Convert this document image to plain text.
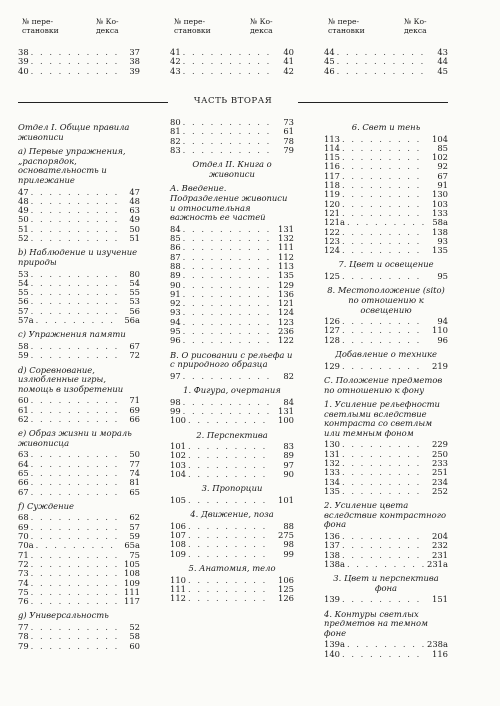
№ пере-
становки
№ Ко-
декса
38 . . .	37
39 . . .	38
40 . . .	39
№ пере-
становки
№ Ко-
декса
41 . . .	40
42 . . .	41
43 . . .	42
№ пере-
становки
№ Ко-
декса
44 . . .	43
45 . . .	44
46 . . .	45
ЧАСТЬ ВТОРАЯ
Отдел I. Общие правила живописи
а) Первые упражнения, „распорядок, основательность и прилежание
47 . . .	47
48 . . .	48
49 . . .	63
50 . . .	49
51 . . .	50
52 . . .	51
b) Наблюдение и изучение природы
53 . . .	80
54 . . .	54
55 . . .	55
56 . . .	53
57 . . .	56
57a . . .	56a
с) Упражнения памяти
58 . . .	67
59 . . .	72
d) Соревнование, излюбленные игры, помощь в изобретении
60 . . .	71
61 . . .	69
62 . . .	66
е) Образ жизни и мораль живописца
63 . . .	50
64 . . .	77
65 . . .	74
66 . . .	81
67 . . .	65
f) Суждение
68 . . .	62
69 . . .	57
70 . . .	59
70a . . .	65a
71 . . .	75
72 . . .	105
73 . . .	108
74 . . .	109
75 . . .	111
76 . . .	117
g) Универсальность
77 . . .	52
78 . . .	58
79 . . .	60
80 . . .	73
81 . . .	61
82 . . .	78
83 . . .	79
Отдел II. Книга о живописи
А. Введение. Подразделение живописи и относительная важность ее частей
84 . . .	131
85 . . .	132
86 . . .	111
87 . . .	112
88 . . .	113
89 . . .	135
90 . . .	129
91 . . .	136
92 . . .	121
93 . . .	124
94 . . .	123
95 . . .	236
96 . . .	122
В. О рисовании с рельефа и с природного образца
97 . . .	82
1. Фигура, очертания
98 . . .	84
99 . . .	131
100 . . .	100
2. Перспектива
101 . . .	83
102 . . .	89
103 . . .	97
104 . . .	90
3. Пропорции
105 . . .	101
4. Движение, поза
106 . . .	88
107 . . .	275
108 . . .	98
109 . . .	99
5. Анатомия, тело
110 . . .	106
111 . . .	125
112 . . .	126
6. Свет и тень
113 . . .	104
114 . . .	85
115 . . .	102
116 . . .	92
117 . . .	67
118 . . .	91
119 . . .	130
120 . . .	103
121 . . .	133
121a . . .	58a
122 . . .	138
123 . . .	93
124 . . .	135
7. Цвет и освещение
125 . . .	95
8. Местоположение (sito) по отношению к освещению
126 . . .	94
127 . . .	110
128 . . .	96
Добавление о технике
129 . . .	219
С. Положение предметов по отношению к фону
1. Усиление рельефности светлыми вследствие контраста со светлым или темным фоном
130 . . .	229
131 . . .	250
132 . . .	233
133 . . .	251
134 . . .	234
135 . . .	252
2. Усиление цвета вследствие контрастного фона
136 . . .	204
137 . . .	232
138 . . .	231
138a . . .	231a
3. Цвет и перспектива фона
139 . . .	151
4. Контуры светлых предметов на темном фоне
139a . . .	238a
140 . . .	116
